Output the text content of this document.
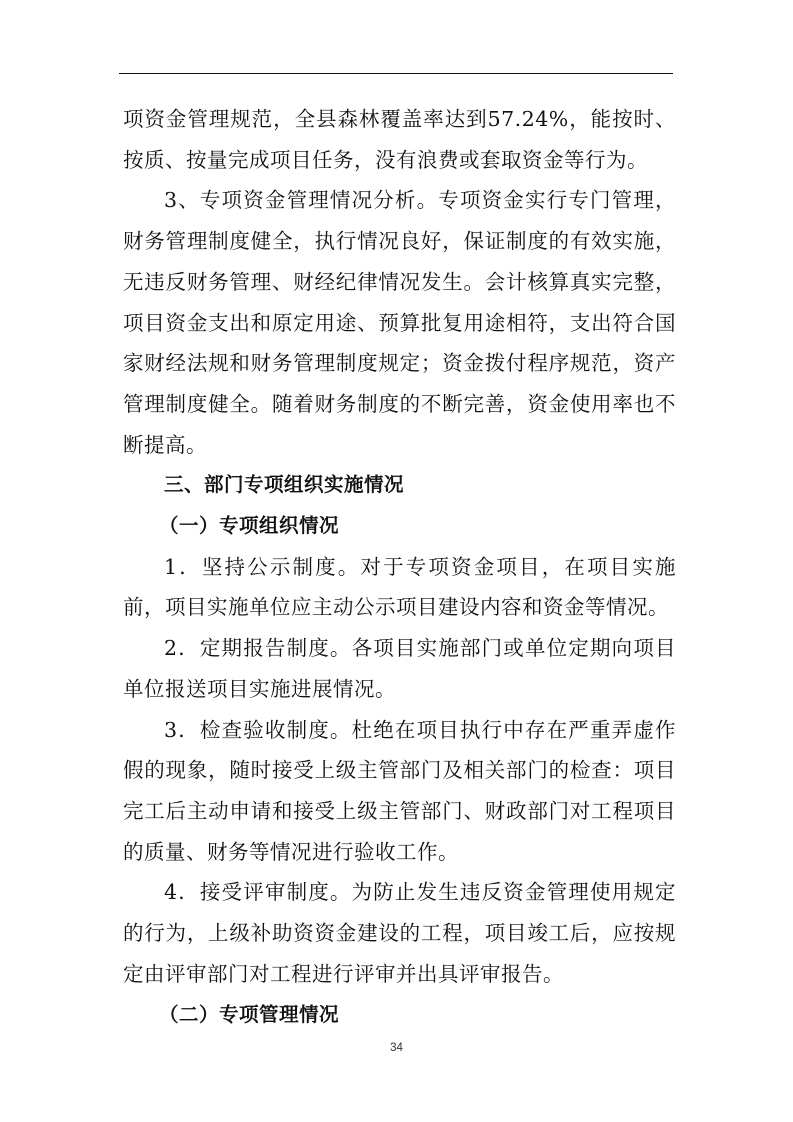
项资金管理规范，全县森林覆盖率达到57.24%，能按时、按质、按量完成项目任务，没有浪费或套取资金等行为。

3、专项资金管理情况分析。专项资金实行专门管理，财务管理制度健全，执行情况良好，保证制度的有效实施，无违反财务管理、财经纪律情况发生。会计核算真实完整，项目资金支出和原定用途、预算批复用途相符，支出符合国家财经法规和财务管理制度规定；资金拨付程序规范，资产管理制度健全。随着财务制度的不断完善，资金使用率也不断提高。

三、部门专项组织实施情况

（一）专项组织情况

1．坚持公示制度。对于专项资金项目，在项目实施前，项目实施单位应主动公示项目建设内容和资金等情况。

2．定期报告制度。各项目实施部门或单位定期向项目单位报送项目实施进展情况。

3．检查验收制度。杜绝在项目执行中存在严重弄虚作假的现象，随时接受上级主管部门及相关部门的检查：项目完工后主动申请和接受上级主管部门、财政部门对工程项目的质量、财务等情况进行验收工作。

4．接受评审制度。为防止发生违反资金管理使用规定的行为，上级补助资资金建设的工程，项目竣工后，应按规定由评审部门对工程进行评审并出具评审报告。

（二）专项管理情况

34
